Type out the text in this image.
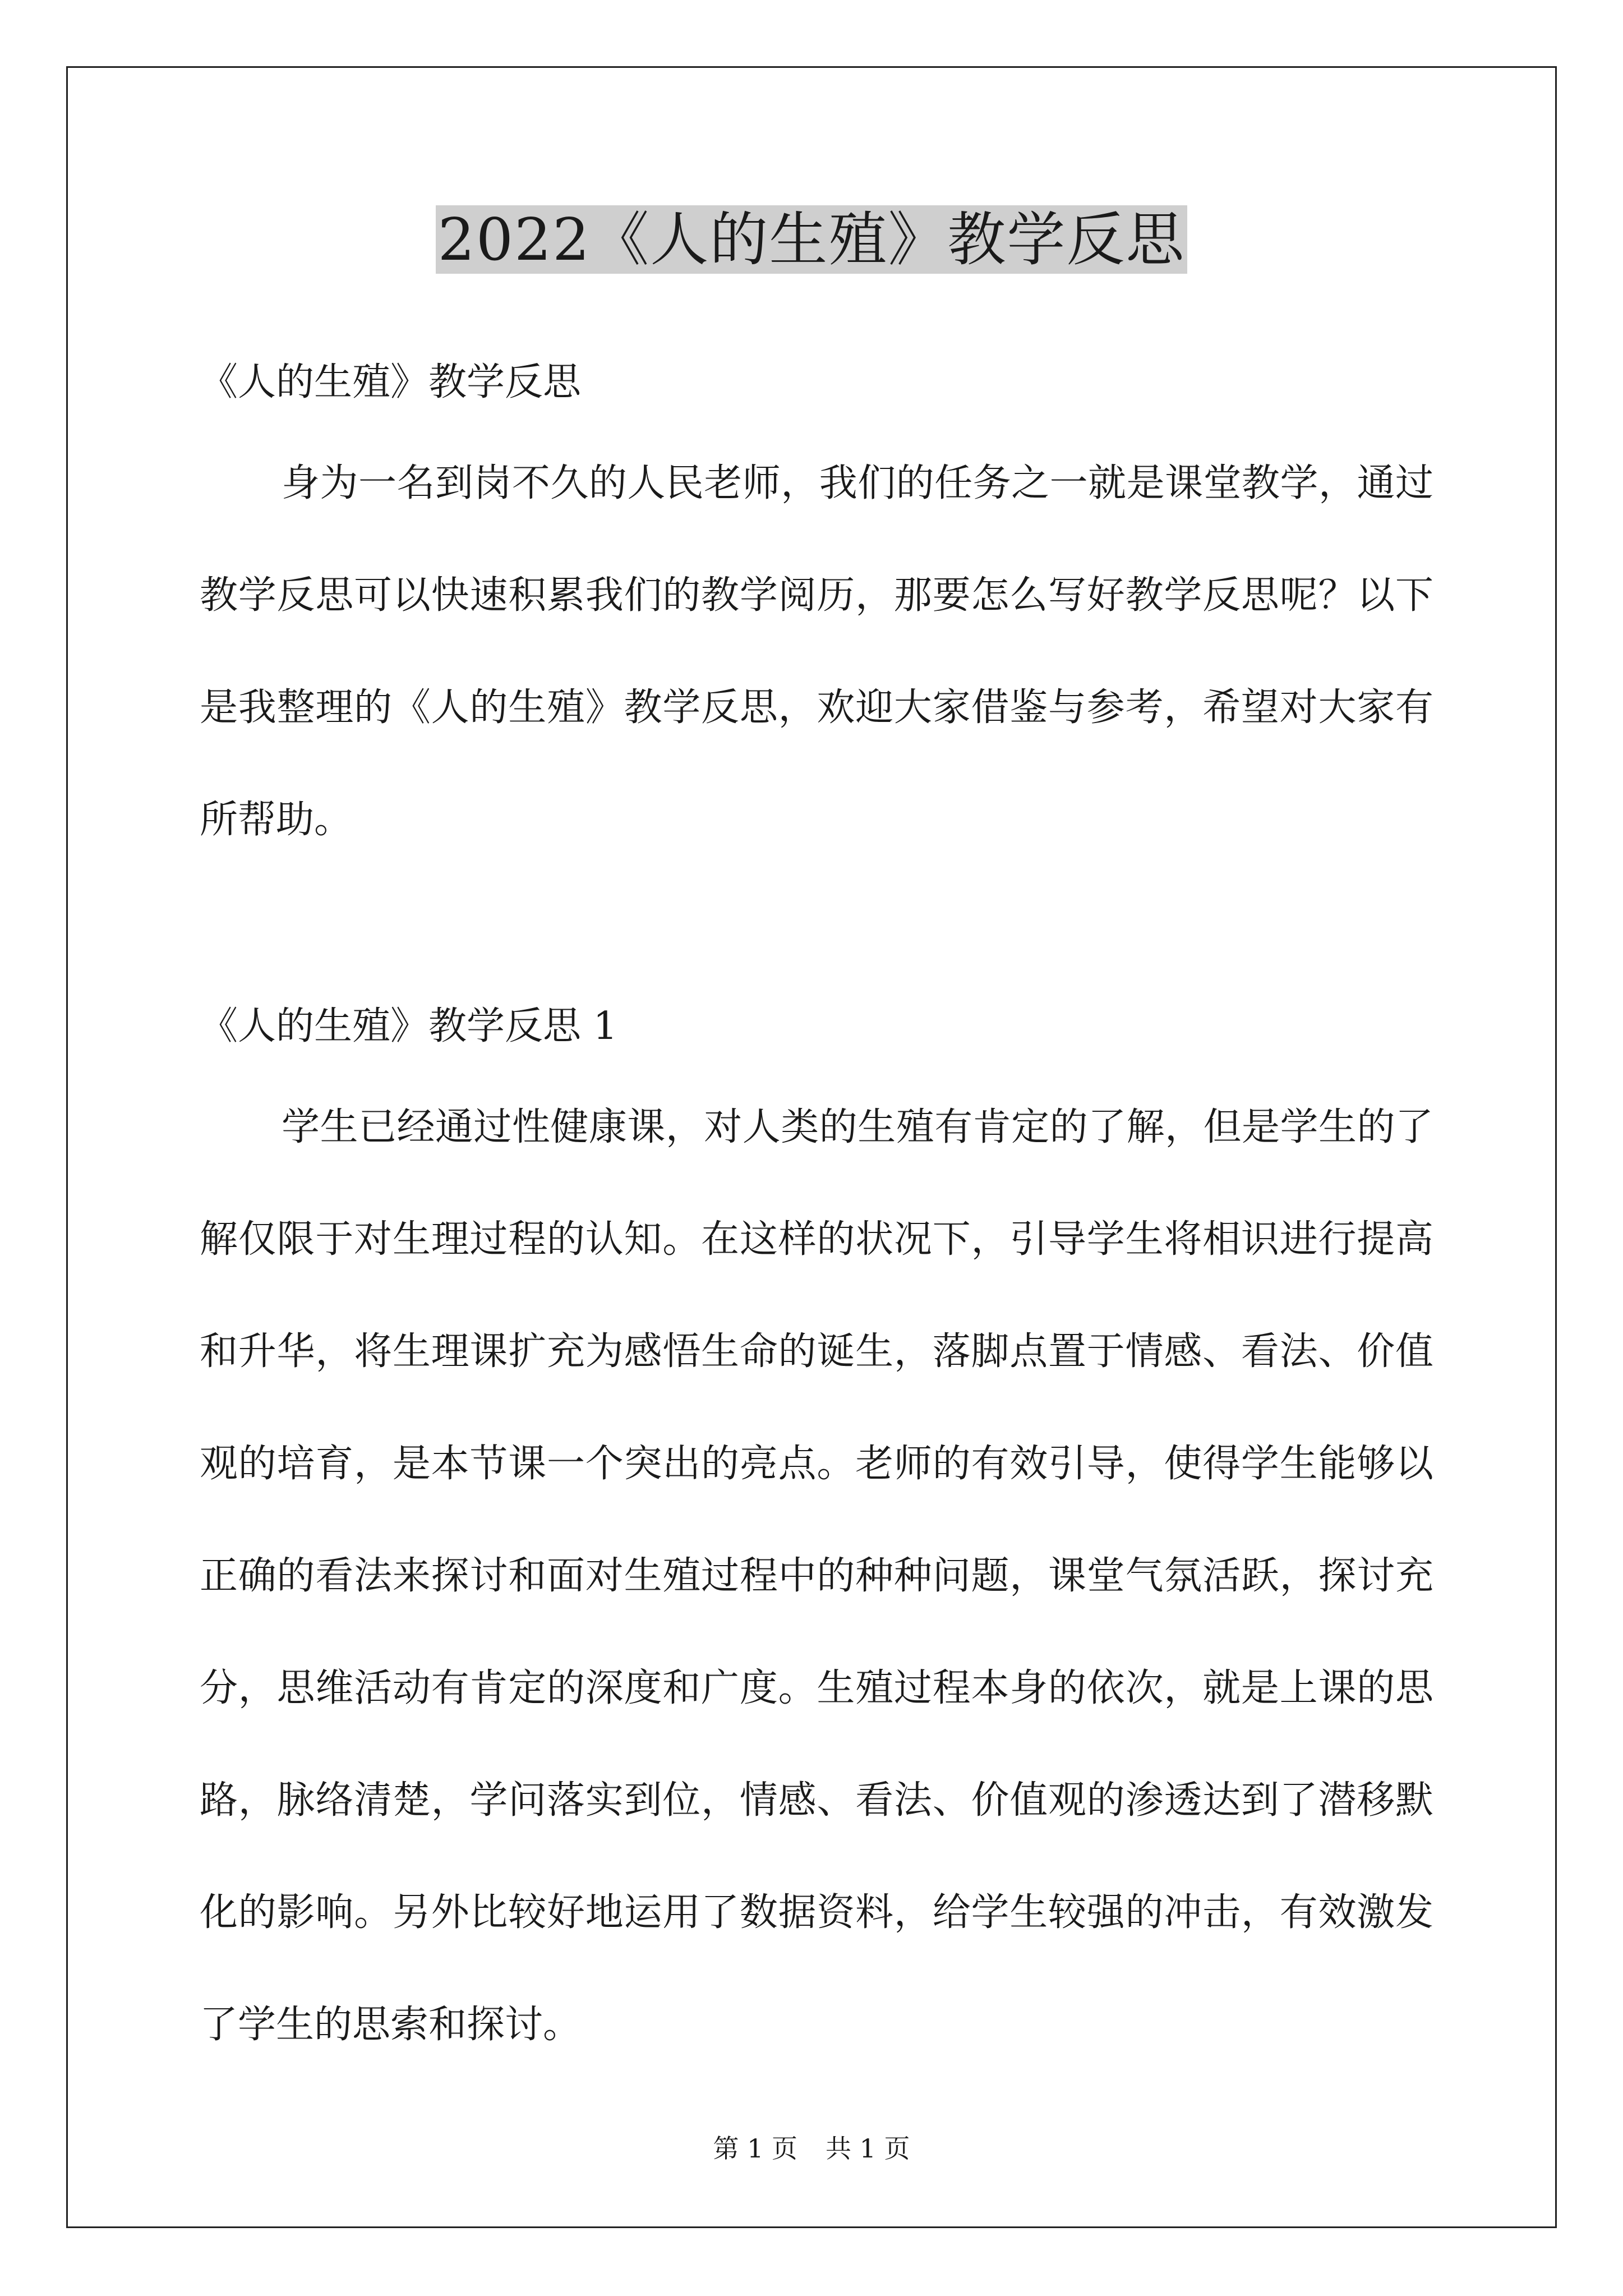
2022《人的生殖》教学反思

《人的生殖》教学反思

身为一名到岗不久的人民老师，我们的任务之一就是课堂教学，通过教学反思可以快速积累我们的教学阅历，那要怎么写好教学反思呢？以下是我整理的《人的生殖》教学反思，欢迎大家借鉴与参考，希望对大家有所帮助。

《人的生殖》教学反思 1

学生已经通过性健康课，对人类的生殖有肯定的了解，但是学生的了解仅限于对生理过程的认知。在这样的状况下，引导学生将相识进行提高和升华，将生理课扩充为感悟生命的诞生，落脚点置于情感、看法、价值观的培育，是本节课一个突出的亮点。老师的有效引导，使得学生能够以正确的看法来探讨和面对生殖过程中的种种问题，课堂气氛活跃，探讨充分，思维活动有肯定的深度和广度。生殖过程本身的依次，就是上课的思路，脉络清楚，学问落实到位，情感、看法、价值观的渗透达到了潜移默化的影响。另外比较好地运用了数据资料，给学生较强的冲击，有效激发了学生的思索和探讨。

第 1 页 共 1 页
